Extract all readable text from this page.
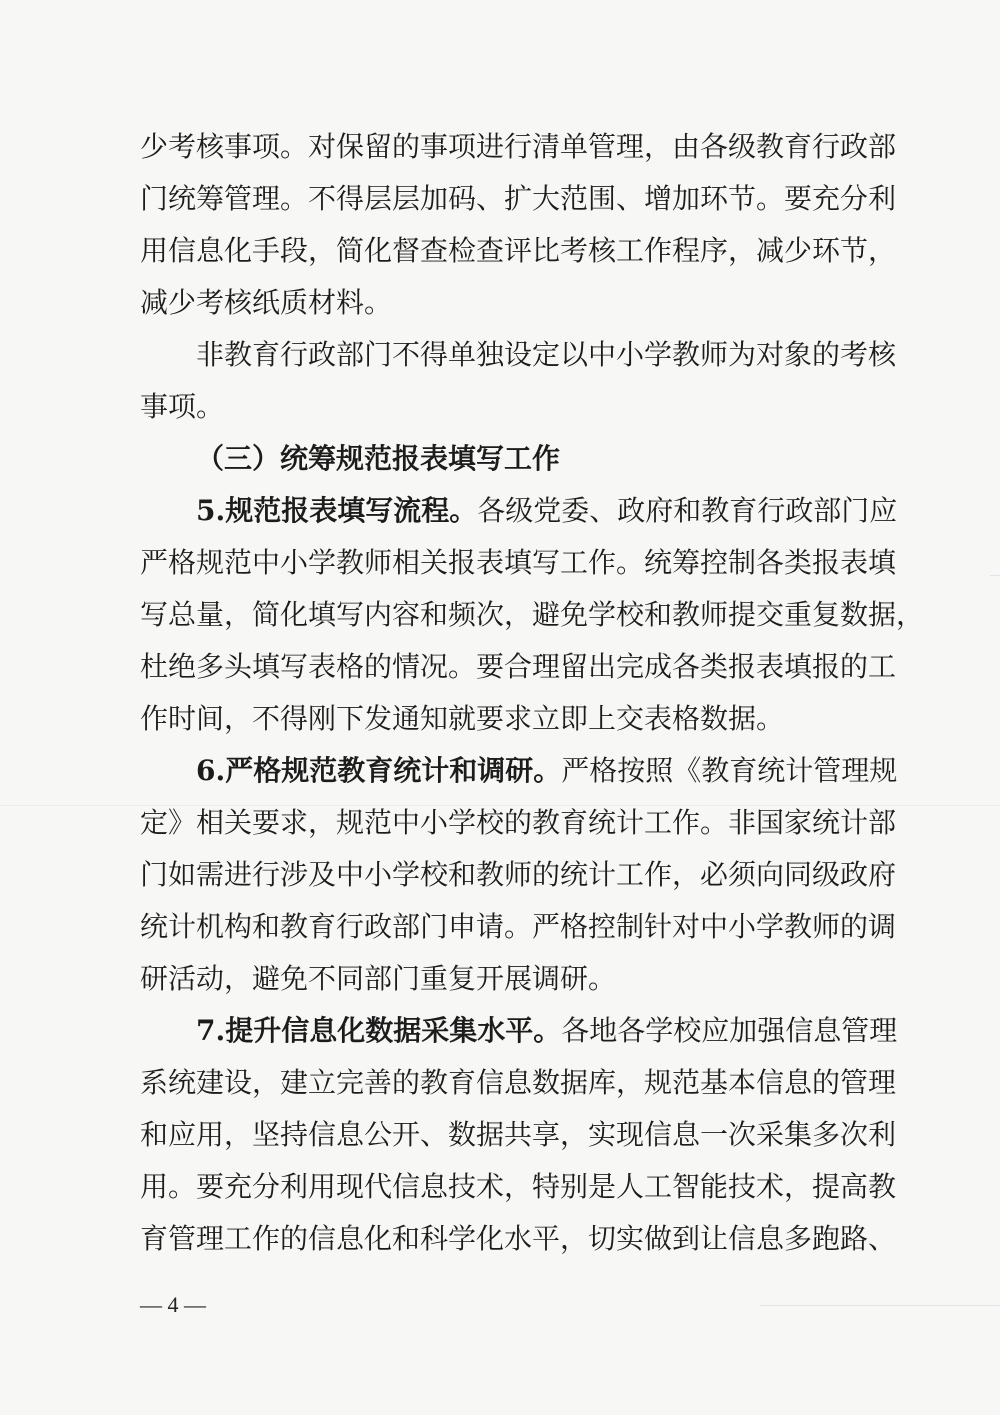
少考核事项。对保留的事项进行清单管理，由各级教育行政部
门统筹管理。不得层层加码、扩大范围、增加环节。要充分利
用信息化手段，简化督查检查评比考核工作程序，减少环节，
减少考核纸质材料。
非教育行政部门不得单独设定以中小学教师为对象的考核
事项。
（三）统筹规范报表填写工作
5.规范报表填写流程。各级党委、政府和教育行政部门应
严格规范中小学教师相关报表填写工作。统筹控制各类报表填
写总量，简化填写内容和频次，避免学校和教师提交重复数据，
杜绝多头填写表格的情况。要合理留出完成各类报表填报的工
作时间，不得刚下发通知就要求立即上交表格数据。
6.严格规范教育统计和调研。严格按照《教育统计管理规
定》相关要求，规范中小学校的教育统计工作。非国家统计部
门如需进行涉及中小学校和教师的统计工作，必须向同级政府
统计机构和教育行政部门申请。严格控制针对中小学教师的调
研活动，避免不同部门重复开展调研。
7.提升信息化数据采集水平。各地各学校应加强信息管理
系统建设，建立完善的教育信息数据库，规范基本信息的管理
和应用，坚持信息公开、数据共享，实现信息一次采集多次利
用。要充分利用现代信息技术，特别是人工智能技术，提高教
育管理工作的信息化和科学化水平，切实做到让信息多跑路、
— 4 —
